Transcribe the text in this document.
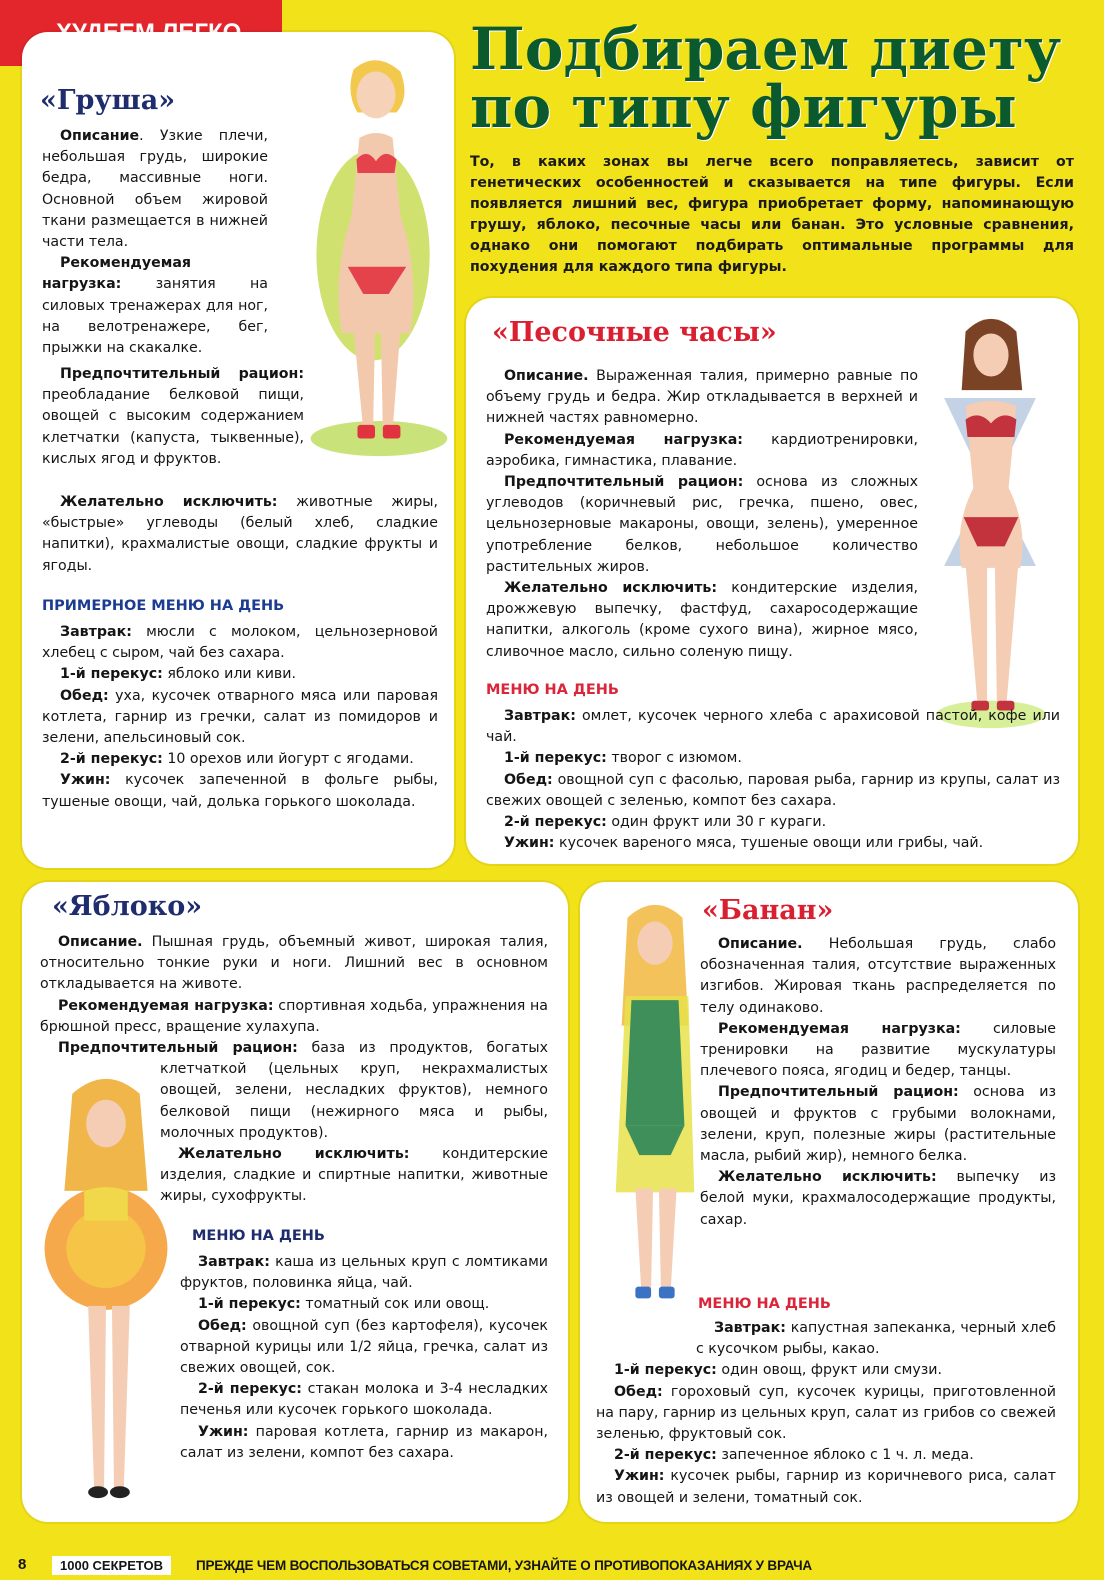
Подбираем диету по типу фигуры

То, в каких зонах вы легче всего поправляетесь, зависит от генетических особенностей и сказывается на типе фигуры. Если появляется лишний вес, фигура приобретает форму, напоминающую грушу, яблоко, песочные часы или банан. Это условные сравнения, однако они помогают подбирать оптимальные программы для похудения для каждого типа фигуры.

«Груша»

Описание. Узкие плечи, небольшая грудь, широкие бедра, массивные ноги. Основной объем жировой ткани размещается в нижней части тела.

Рекомендуемая нагрузка: занятия на силовых тренажерах для ног, на велотренажере, бег, прыжки на скакалке.

Предпочтительный рацион: преобладание белковой пищи, овощей с высоким содержанием клетчатки (капуста, тыквенные), кислых ягод и фруктов.

Желательно исключить: животные жиры, «быстрые» углеводы (белый хлеб, сладкие напитки), крахмалистые овощи, сладкие фрукты и ягоды.

ПРИМЕРНОЕ МЕНЮ НА ДЕНЬ

Завтрак: мюсли с молоком, цельнозерновой хлебец с сыром, чай без сахара.

1-й перекус: яблоко или киви.

Обед: уха, кусочек отварного мяса или паровая котлета, гарнир из гречки, салат из помидоров и зелени, апельсиновый сок.

2-й перекус: 10 орехов или йогурт с ягодами.

Ужин: кусочек запеченной в фольге рыбы, тушеные овощи, чай, долька горького шоколада.

«Песочные часы»

Описание. Выраженная талия, примерно равные по объему грудь и бедра. Жир откладывается в верхней и нижней частях равномерно.

Рекомендуемая нагрузка: кардиотренировки, аэробика, гимнастика, плавание.

Предпочтительный рацион: основа из сложных углеводов (коричневый рис, гречка, пшено, овес, цельнозерновые макароны, овощи, зелень), умеренное употребление белков, небольшое количество растительных жиров.

Желательно исключить: кондитерские изделия, дрожжевую выпечку, фастфуд, сахаросодержащие напитки, алкоголь (кроме сухого вина), жирное мясо, сливочное масло, сильно соленую пищу.

МЕНЮ НА ДЕНЬ

Завтрак: омлет, кусочек черного хлеба с арахисовой пастой, кофе или чай.

1-й перекус: творог с изюмом.

Обед: овощной суп с фасолью, паровая рыба, гарнир из крупы, салат из свежих овощей с зеленью, компот без сахара.

2-й перекус: один фрукт или 30 г кураги.

Ужин: кусочек вареного мяса, тушеные овощи или грибы, чай.

«Яблоко»

Описание. Пышная грудь, объемный живот, широкая талия, относительно тонкие руки и ноги. Лишний вес в основном откладывается на животе.

Рекомендуемая нагрузка: спортивная ходьба, упражнения на брюшной пресс, вращение хулахупа.

Предпочтительный рацион: база из продуктов, богатых клетчаткой (цельных круп, некрахмалистых овощей, зелени, несладких фруктов), немного белковой пищи (нежирного мяса и рыбы, молочных продуктов).

Желательно исключить: кондитерские изделия, сладкие и спиртные напитки, животные жиры, сухофрукты.

МЕНЮ НА ДЕНЬ

Завтрак: каша из цельных круп с ломтиками фруктов, половинка яйца, чай.

1-й перекус: томатный сок или овощ.

Обед: овощной суп (без картофеля), кусочек отварной курицы или 1/2 яйца, гречка, салат из свежих овощей, сок.

2-й перекус: стакан молока и 3-4 несладких печенья или кусочек горького шоколада.

Ужин: паровая котлета, гарнир из макарон, салат из зелени, компот без сахара.

«Банан»

Описание. Небольшая грудь, слабо обозначенная талия, отсутствие выраженных изгибов. Жировая ткань распределяется по телу одинаково.

Рекомендуемая нагрузка: силовые тренировки на развитие мускулатуры плечевого пояса, ягодиц и бедер, танцы.

Предпочтительный рацион: основа из овощей и фруктов с грубыми волокнами, зелени, круп, полезные жиры (растительные масла, рыбий жир), немного белка.

Желательно исключить: выпечку из белой муки, крахмалосодержащие продукты, сахар.

МЕНЮ НА ДЕНЬ

Завтрак: капустная запеканка, черный хлеб с кусочком рыбы, какао.

1-й перекус: один овощ, фрукт или смузи.

Обед: гороховый суп, кусочек курицы, приготовленной на пару, гарнир из цельных круп, салат из грибов со свежей зеленью, фруктовый сок.

2-й перекус: запеченное яблоко с 1 ч. л. меда.

Ужин: кусочек рыбы, гарнир из коричневого риса, салат из овощей и зелени, томатный сок.

8	1000 СЕКРЕТОВ	ПРЕЖДЕ ЧЕМ ВОСПОЛЬЗОВАТЬСЯ СОВЕТАМИ, УЗНАЙТЕ О ПРОТИВОПОКАЗАНИЯХ У ВРАЧА
